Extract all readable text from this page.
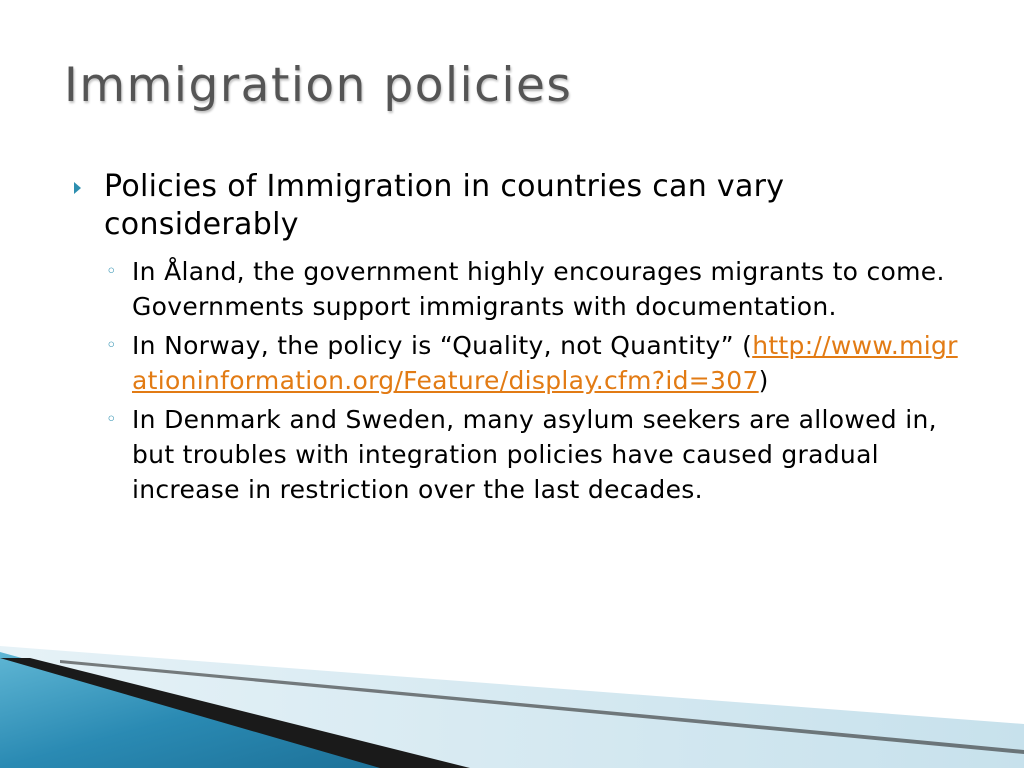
Immigration policies
Policies of Immigration in countries can vary considerably
◦ In Åland, the government highly encourages migrants to come. Governments support immigrants with documentation.
◦ In Norway, the policy is “Quality, not Quantity” (http://www.migrationinformation.org/Feature/display.cfm?id=307)
◦ In Denmark and Sweden, many asylum seekers are allowed in, but troubles with integration policies have caused gradual increase in restriction over the last decades.
